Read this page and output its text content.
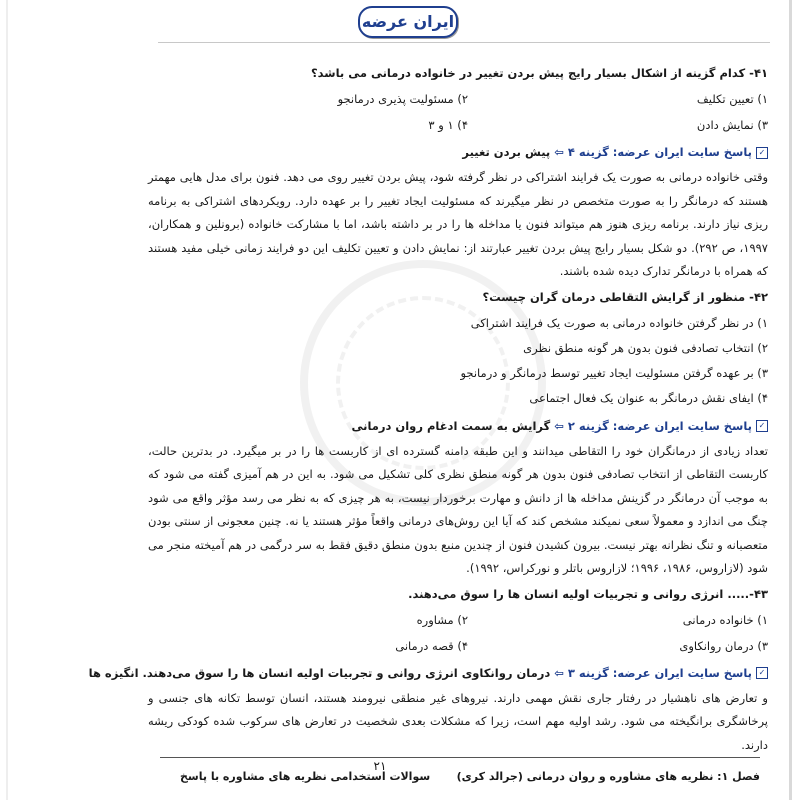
ایران عرضه
۴۱- کدام گزینه از اشکال بسیار رایج پیش بردن تغییر در خانواده درمانی می باشد؟
۱) تعیین تکلیف
۲) مسئولیت پذیری درمانجو
۳) نمایش دادن
۴) ۱ و ۳
✓پاسخ سایت ایران عرضه: گزینه ۴ ⇦ پیش بردن تغییر
وقتی خانواده درمانی به صورت یک فرایند اشتراکی در نظر گرفته شود، پیش بردن تغییر روی می دهد. فنون برای مدل هایی مهمتر هستند که درمانگر را به صورت متخصص در نظر میگیرند که مسئولیت ایجاد تغییر را بر عهده دارد. رویکردهای اشتراکی به برنامه ریزی نیاز دارند. برنامه ریزی هنوز هم میتواند فنون یا مداخله ها را در بر داشته باشد، اما با مشارکت خانواده (برونلین و همکاران، ۱۹۹۷، ص ۲۹۲). دو شکل بسیار رایج پیش بردن تغییر عبارتند از: نمایش دادن و تعیین تکلیف این دو فرایند زمانی خیلی مفید هستند که همراه با درمانگر تدارک دیده شده باشند.
۴۲- منظور از گرایش التقاطی درمان گران چیست؟
۱) در نظر گرفتن خانواده درمانی به صورت یک فرایند اشتراکی
۲) انتخاب تصادفی فنون بدون هر گونه منطق نظری
۳) بر عهده گرفتن مسئولیت ایجاد تغییر توسط درمانگر و درمانجو
۴) ایفای نقش درمانگر به عنوان یک فعال اجتماعی
✓پاسخ سایت ایران عرضه: گزینه ۲ ⇦ گرایش به سمت ادغام روان درمانی
تعداد زیادی از درمانگران خود را التقاطی میدانند و این طبقه دامنه گسترده ای از کاربست ها را در بر میگیرد. در بدترین حالت، کاربست التقاطی از انتخاب تصادفی فنون بدون هر گونه منطق نظری کلی تشکیل می شود. به این در هم آمیزی گفته می شود که به موجب آن درمانگر در گزینش مداخله ها از دانش و مهارت برخوردار نیست، به هر چیزی که به نظر می رسد مؤثر واقع می شود چنگ می اندازد و معمولاً سعی نمیکند مشخص کند که آیا این روش‌های درمانی واقعاً مؤثر هستند یا نه. چنین معجونی از سنتی بودن متعصبانه و تنگ نظرانه بهتر نیست. بیرون کشیدن فنون از چندین منبع بدون منطق دقیق فقط به سر درگمی در هم آمیخته منجر می شود (لازاروس، ۱۹۸۶، ۱۹۹۶؛ لازاروس باتلر و نورکراس، ۱۹۹۲).
۴۳-..... انرژی روانی و تجربیات اولیه انسان ها را سوق می‌دهند.
۱) خانواده درمانی
۲) مشاوره
۳) درمان روانکاوی
۴) قصه درمانی
✓پاسخ سایت ایران عرضه: گزینه ۳ ⇦ درمان روانکاوی انرژی روانی و تجربیات اولیه انسان ها را سوق می‌دهند. انگیزه ها
و تعارض های ناهشیار در رفتار جاری نقش مهمی دارند. نیروهای غیر منطقی نیرومند هستند، انسان توسط تکانه های جنسی و پرخاشگری برانگیخته می شود. رشد اولیه مهم است، زیرا که مشکلات بعدی شخصیت در تعارض های سرکوب شده کودکی ریشه دارند.
۲۱
فصل ۱: نظریه های مشاوره و روان درمانی (جرالد کری)
سوالات استخدامی نظریه های مشاوره با پاسخ
